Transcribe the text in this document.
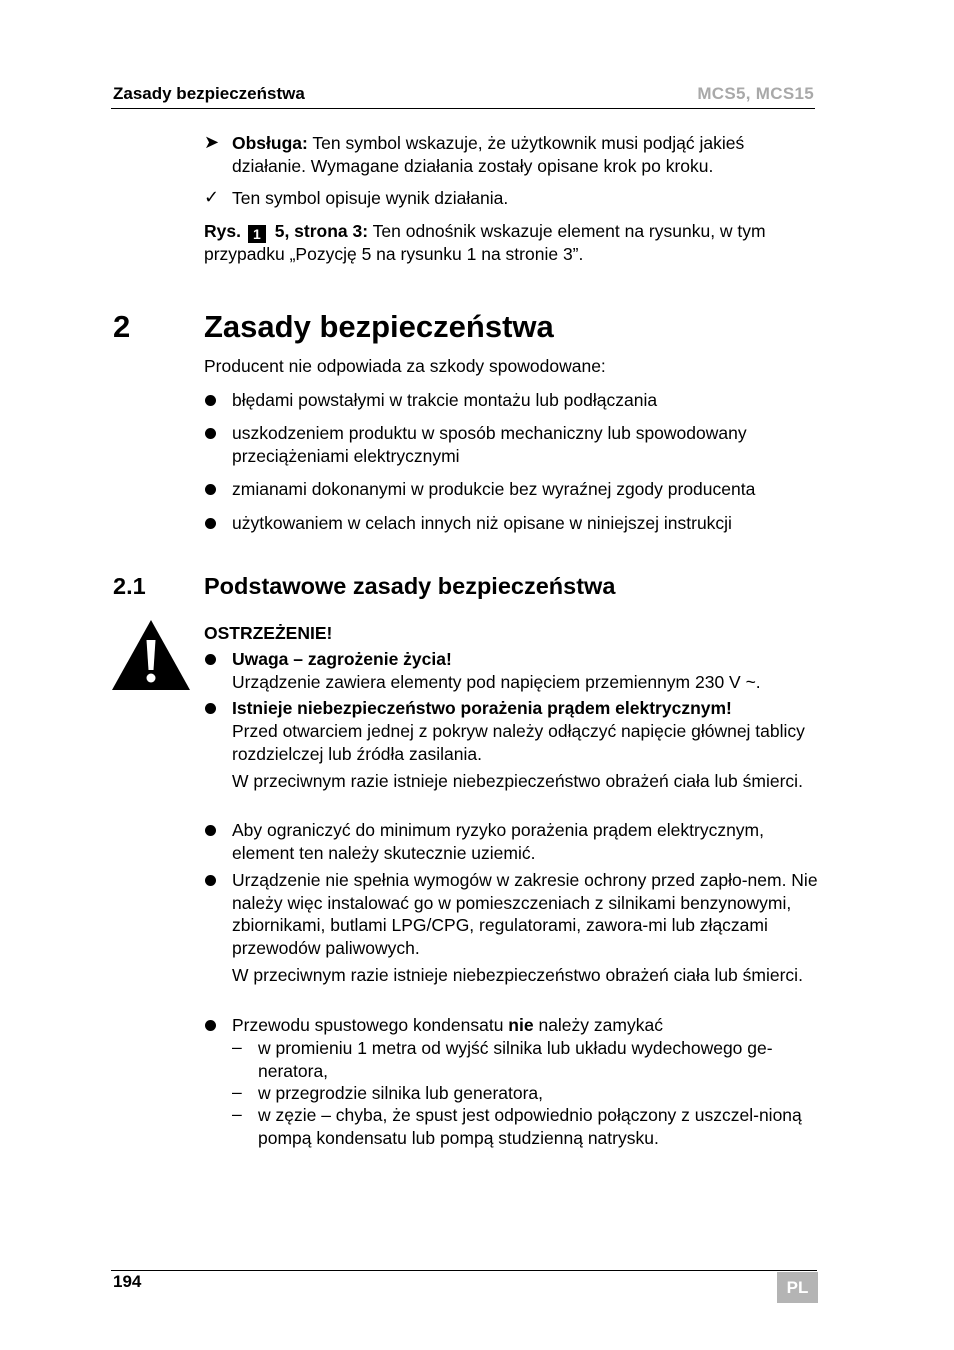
Zasady bezpieczeństwa	MCS5, MCS15
➤ Obsługa: Ten symbol wskazuje, że użytkownik musi podjąć jakieś działanie. Wymagane działania zostały opisane krok po kroku.
✓ Ten symbol opisuje wynik działania.
Rys. 1 5, strona 3: Ten odnośnik wskazuje element na rysunku, w tym przypadku „Pozycję 5 na rysunku 1 na stronie 3”.
2 Zasady bezpieczeństwa
Producent nie odpowiada za szkody spowodowane:
błędami powstałymi w trakcie montażu lub podłączania
uszkodzeniem produktu w sposób mechaniczny lub spowodowany przeciążeniami elektrycznymi
zmianami dokonanymi w produkcie bez wyraźnej zgody producenta
użytkowaniem w celach innych niż opisane w niniejszej instrukcji
2.1 Podstawowe zasady bezpieczeństwa
OSTRZEŻENIE!
Uwaga – zagrożenie życia!
Urządzenie zawiera elementy pod napięciem przemiennym 230 V ~.
Istnieje niebezpieczeństwo porażenia prądem elektrycznym!
Przed otwarciem jednej z pokryw należy odłączyć napięcie głównej tablicy rozdzielczej lub źródła zasilania.
W przeciwnym razie istnieje niebezpieczeństwo obrażeń ciała lub śmierci.
Aby ograniczyć do minimum ryzyko porażenia prądem elektrycznym, element ten należy skutecznie uziemić.
Urządzenie nie spełnia wymogów w zakresie ochrony przed zapło-nem. Nie należy więc instalować go w pomieszczeniach z silnikami benzynowymi, zbiornikami, butlami LPG/CPG, regulatorami, zawora-mi lub złączami przewodów paliwowych.
W przeciwnym razie istnieje niebezpieczeństwo obrażeń ciała lub śmierci.
Przewodu spustowego kondensatu nie należy zamykać
– w promieniu 1 metra od wyjść silnika lub układu wydechowego ge-neratora,
– w przegrodzie silnika lub generatora,
– w zęzie – chyba, że spust jest odpowiednio połączony z uszczel-nioną pompą kondensatu lub pompą studzienną natrysku.
194	PL
